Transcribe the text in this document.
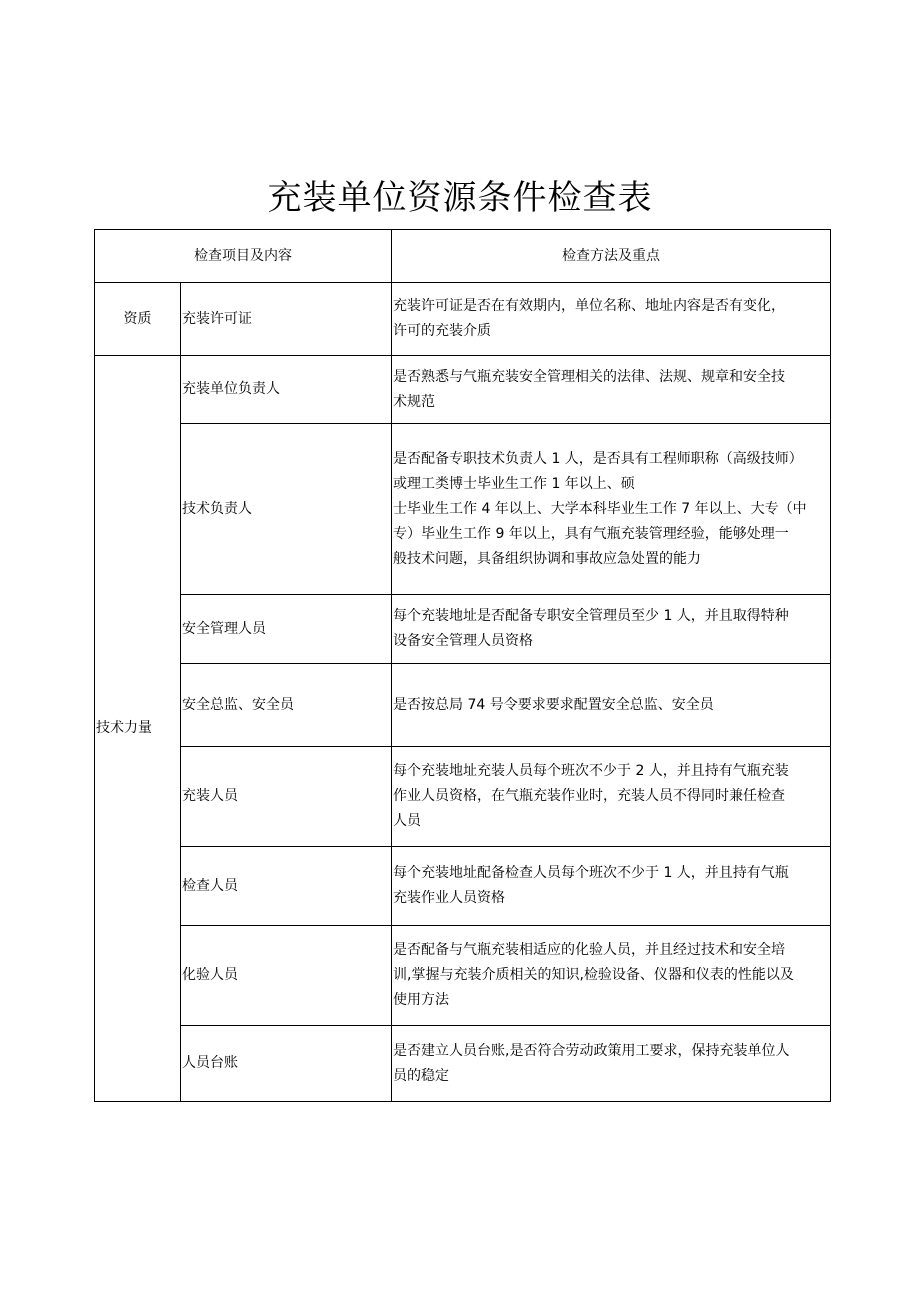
充装单位资源条件检查表
检查项目及内容		检查方法及重点
资质	充装许可证	充装许可证是否在有效期内，单位名称、地址内容是否有变化，
许可的充装介质

技术力量	充装单位负责人	是否熟悉与气瓶充装安全管理相关的法律、法规、规章和安全技
术规范

	技术负责人	是否配备专职技术负责人 1 人，是否具有工程师职称（高级技师）
或理工类博士毕业生工作 1 年以上、硕
士毕业生工作 4 年以上、大学本科毕业生工作 7 年以上、大专（中
专）毕业生工作 9 年以上，具有气瓶充装管理经验，能够处理一
般技术问题，具备组织协调和事故应急处置的能力

	安全管理人员	每个充装地址是否配备专职安全管理员至少 1 人，并且取得特种
设备安全管理人员资格

	安全总监、安全员	是否按总局 74 号令要求要求配置安全总监、安全员

	充装人员	每个充装地址充装人员每个班次不少于 2 人，并且持有气瓶充装
作业人员资格，在气瓶充装作业时，充装人员不得同时兼任检查
人员

	检查人员	每个充装地址配备检查人员每个班次不少于 1 人，并且持有气瓶
充装作业人员资格

	化验人员	是否配备与气瓶充装相适应的化验人员，并且经过技术和安全培
训,掌握与充装介质相关的知识,检验设备、仪器和仪表的性能以及
使用方法

	人员台账	是否建立人员台账,是否符合劳动政策用工要求，保持充装单位人
员的稳定
